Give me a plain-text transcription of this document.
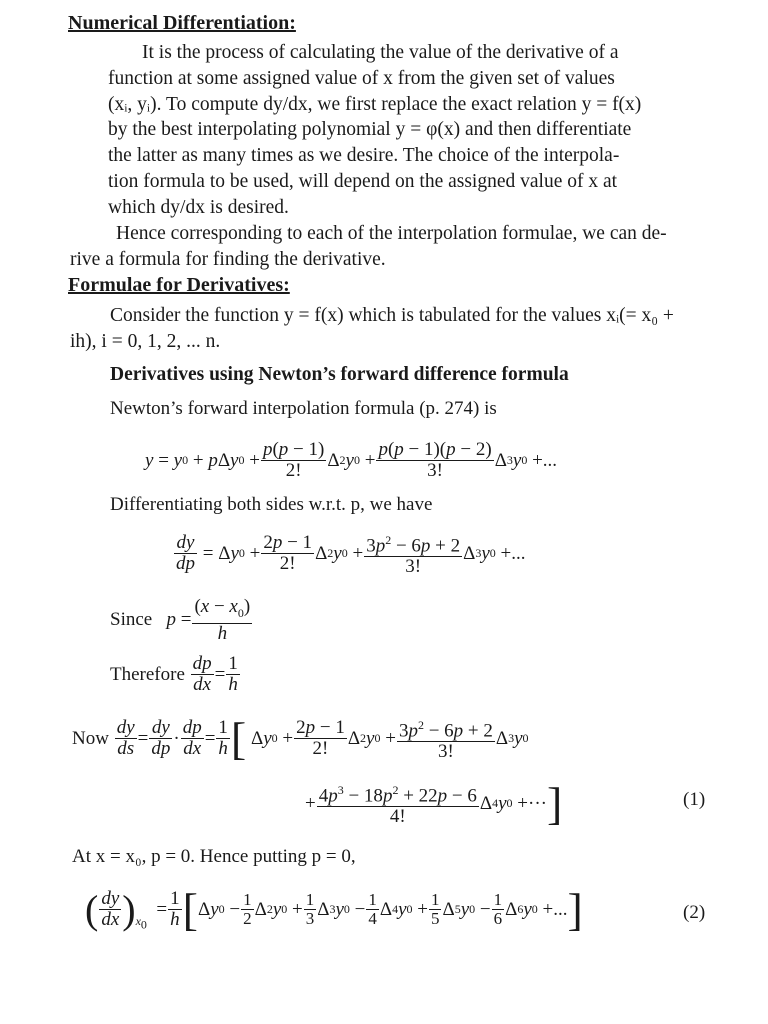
Numerical Differentiation:
It is the process of calculating the value of the derivative of a
function at some assigned value of x from the given set of values
(xᵢ, yᵢ). To compute dy/dx, we first replace the exact relation y = f(x)
by the best interpolating polynomial y = φ(x) and then differentiate
the latter as many times as we desire. The choice of the interpola-
tion formula to be used, will depend on the assigned value of x at
which dy/dx is desired.
Hence corresponding to each of the interpolation formulae, we can de-
rive a formula for finding the derivative.
Formulae for Derivatives:
Consider the function y = f(x) which is tabulated for the values xᵢ(= x₀ +
ih), i = 0, 1, 2, ... n.
Derivatives using Newton’s forward difference formula
Newton’s forward interpolation formula (p. 274) is
y = y 0 + p Δ y $0 + \frac{p(p - 1)}{2!}$ Δ 2 y $0 + \frac{p(p - 1)(p - 2)}{3!}$ Δ 3 y 0 +...
Differentiating both sides w.r.t. p, we have
$\frac{dy}{dp} = \Delta$ y $0 + \frac{2p - 1}{2!}$ Δ 2 y $0 + \frac{3p^2 - 6p + 2}{3!}$ Δ 3 y 0 +...
Since
$p = \frac{(x - x_0)}{h}$
Therefore
$\frac{dp}{dx} = \frac{1}{h}$
Now
$\frac{dy}{ds} = \frac{dy}{dp} \cdot \frac{dp}{dx} = \frac{1}{h}$ [ Δ y $0 + \frac{2p - 1}{2!}$ Δ 2 y $0 + \frac{3p^2 - 6p + 2}{3!}$ Δ 3 y 0
+ $\frac{4p^3 - 18p^2 + 22p - 6}{4!}$ Δ 4 y 0 +··· ]	(1)
At x = x₀, p = 0. Hence putting p = 0,
( $\frac{dy}{dx}$ ) $_{x_0}$
= $\frac{1}{h}$ [ Δ y $0 - \frac{1}{2}$ Δ 2 y $0 + \frac{1}{3}$ Δ 3 y $0 - \frac{1}{4}$ Δ 4 y $0 + \frac{1}{5}$ Δ 5 y $0 - \frac{1}{6}$ Δ 6 y 0 +... ]	(2)
